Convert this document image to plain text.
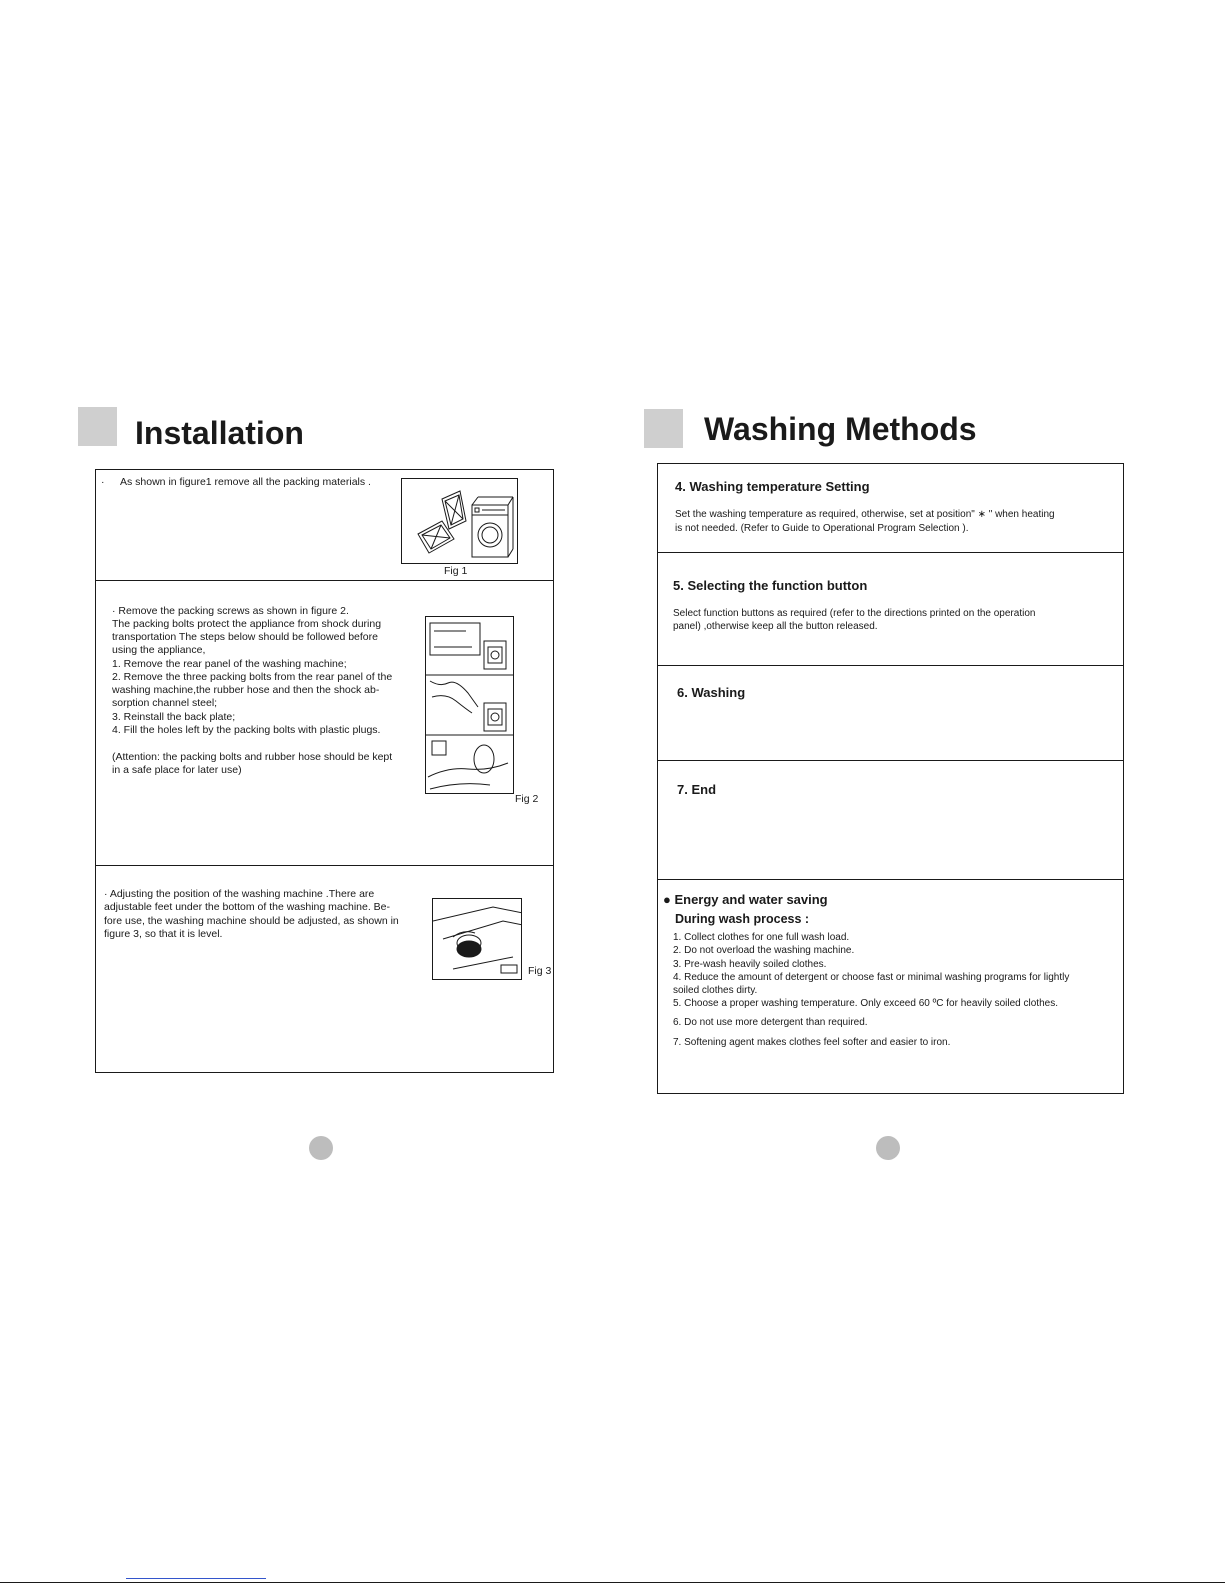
Installation
· As shown in figure1 remove all the packing materials .
Fig 1
· Remove the packing screws as shown in figure 2.
The packing bolts protect the appliance from shock during
transportation The steps below should be followed before
using the appliance,
1. Remove the rear panel of the washing machine;
2. Remove the three packing bolts from the rear panel of the
washing machine,the rubber hose and then the shock ab-
sorption channel steel;
3. Reinstall the back plate;
4. Fill the holes left by the packing bolts with plastic plugs.
(Attention: the packing bolts and rubber hose should be kept
in a safe place for later use)
Fig 2
· Adjusting the position of the washing machine .There are
adjustable feet under the bottom of the washing machine. Be-
fore use, the washing machine should be adjusted, as shown in
figure 3, so that it is level.
Fig 3
Washing Methods
4. Washing temperature Setting
Set the washing temperature as required, otherwise, set at position" ∗ " when heating
is not needed. (Refer to Guide to Operational Program Selection ).
5. Selecting the function button
Select function buttons as required (refer to the directions printed on the operation
panel) ,otherwise keep all the button released.
6. Washing
7. End
● Energy and water saving
During wash process :
1. Collect clothes for one full wash load.
2. Do not overload the washing machine.
3. Pre-wash heavily soiled clothes.
4. Reduce the amount of detergent or choose fast or minimal washing programs for lightly
soiled clothes dirty.
5. Choose a proper washing temperature. Only exceed 60 ºC for heavily soiled clothes.
6. Do not use more detergent than required.
7. Softening agent makes clothes feel softer and easier to iron.
